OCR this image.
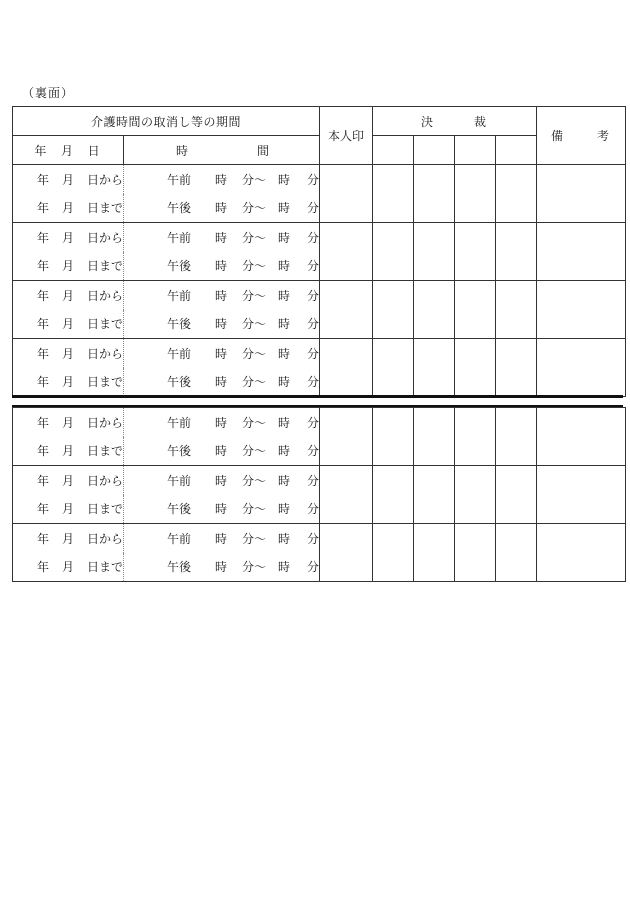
（裏面）
介護時間の取消し等の期間		本人印	決 裁				備 考

年 月 日	時 間						

年 月 日から	午前 時 分〜 時 分						

年 月 日まで	午後 時 分〜 時 分						

年 月 日から	午前 時 分〜 時 分						

年 月 日まで	午後 時 分〜 時 分						

年 月 日から	午前 時 分〜 時 分						

年 月 日まで	午後 時 分〜 時 分						

年 月 日から	午前 時 分〜 時 分						

年 月 日まで	午後 時 分〜 時 分						
年 月 日から	午前 時 分〜 時 分						

年 月 日まで	午後 時 分〜 時 分						

年 月 日から	午前 時 分〜 時 分						

年 月 日まで	午後 時 分〜 時 分						

年 月 日から	午前 時 分〜 時 分						

年 月 日まで	午後 時 分〜 時 分						
